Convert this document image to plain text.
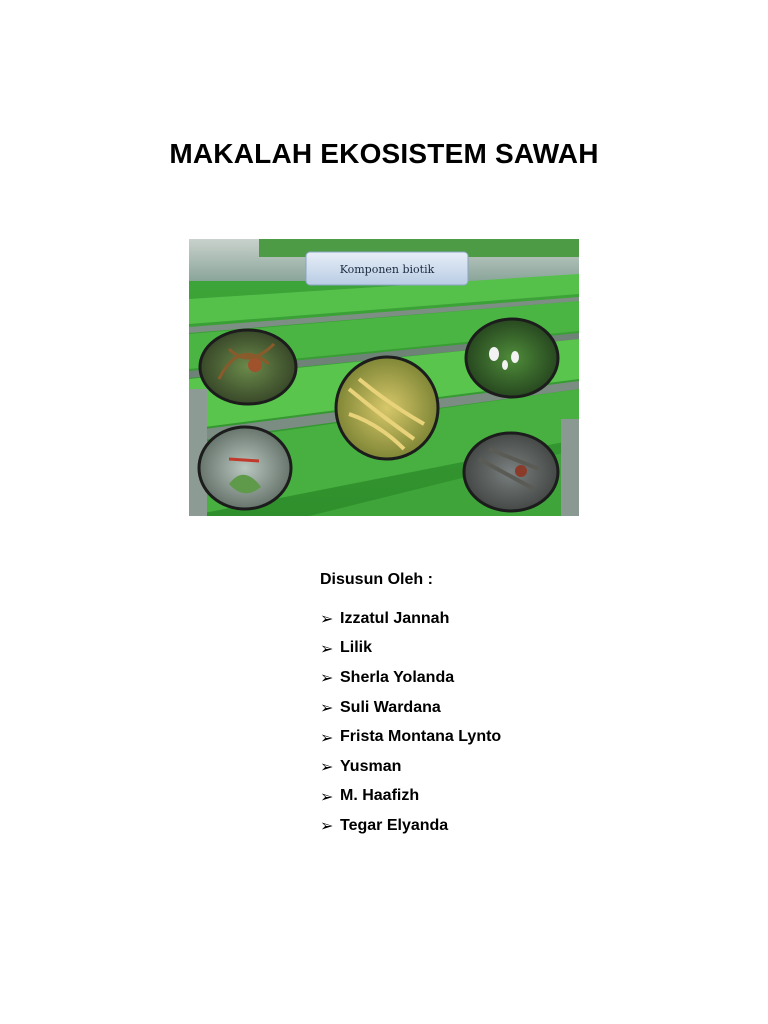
MAKALAH EKOSISTEM SAWAH
Komponen biotik
Disusun Oleh :
➢ Izzatul Jannah
➢ Lilik
➢ Sherla Yolanda
➢ Suli Wardana
➢ Frista Montana Lynto
➢ Yusman
➢ M. Haafizh
➢ Tegar Elyanda
